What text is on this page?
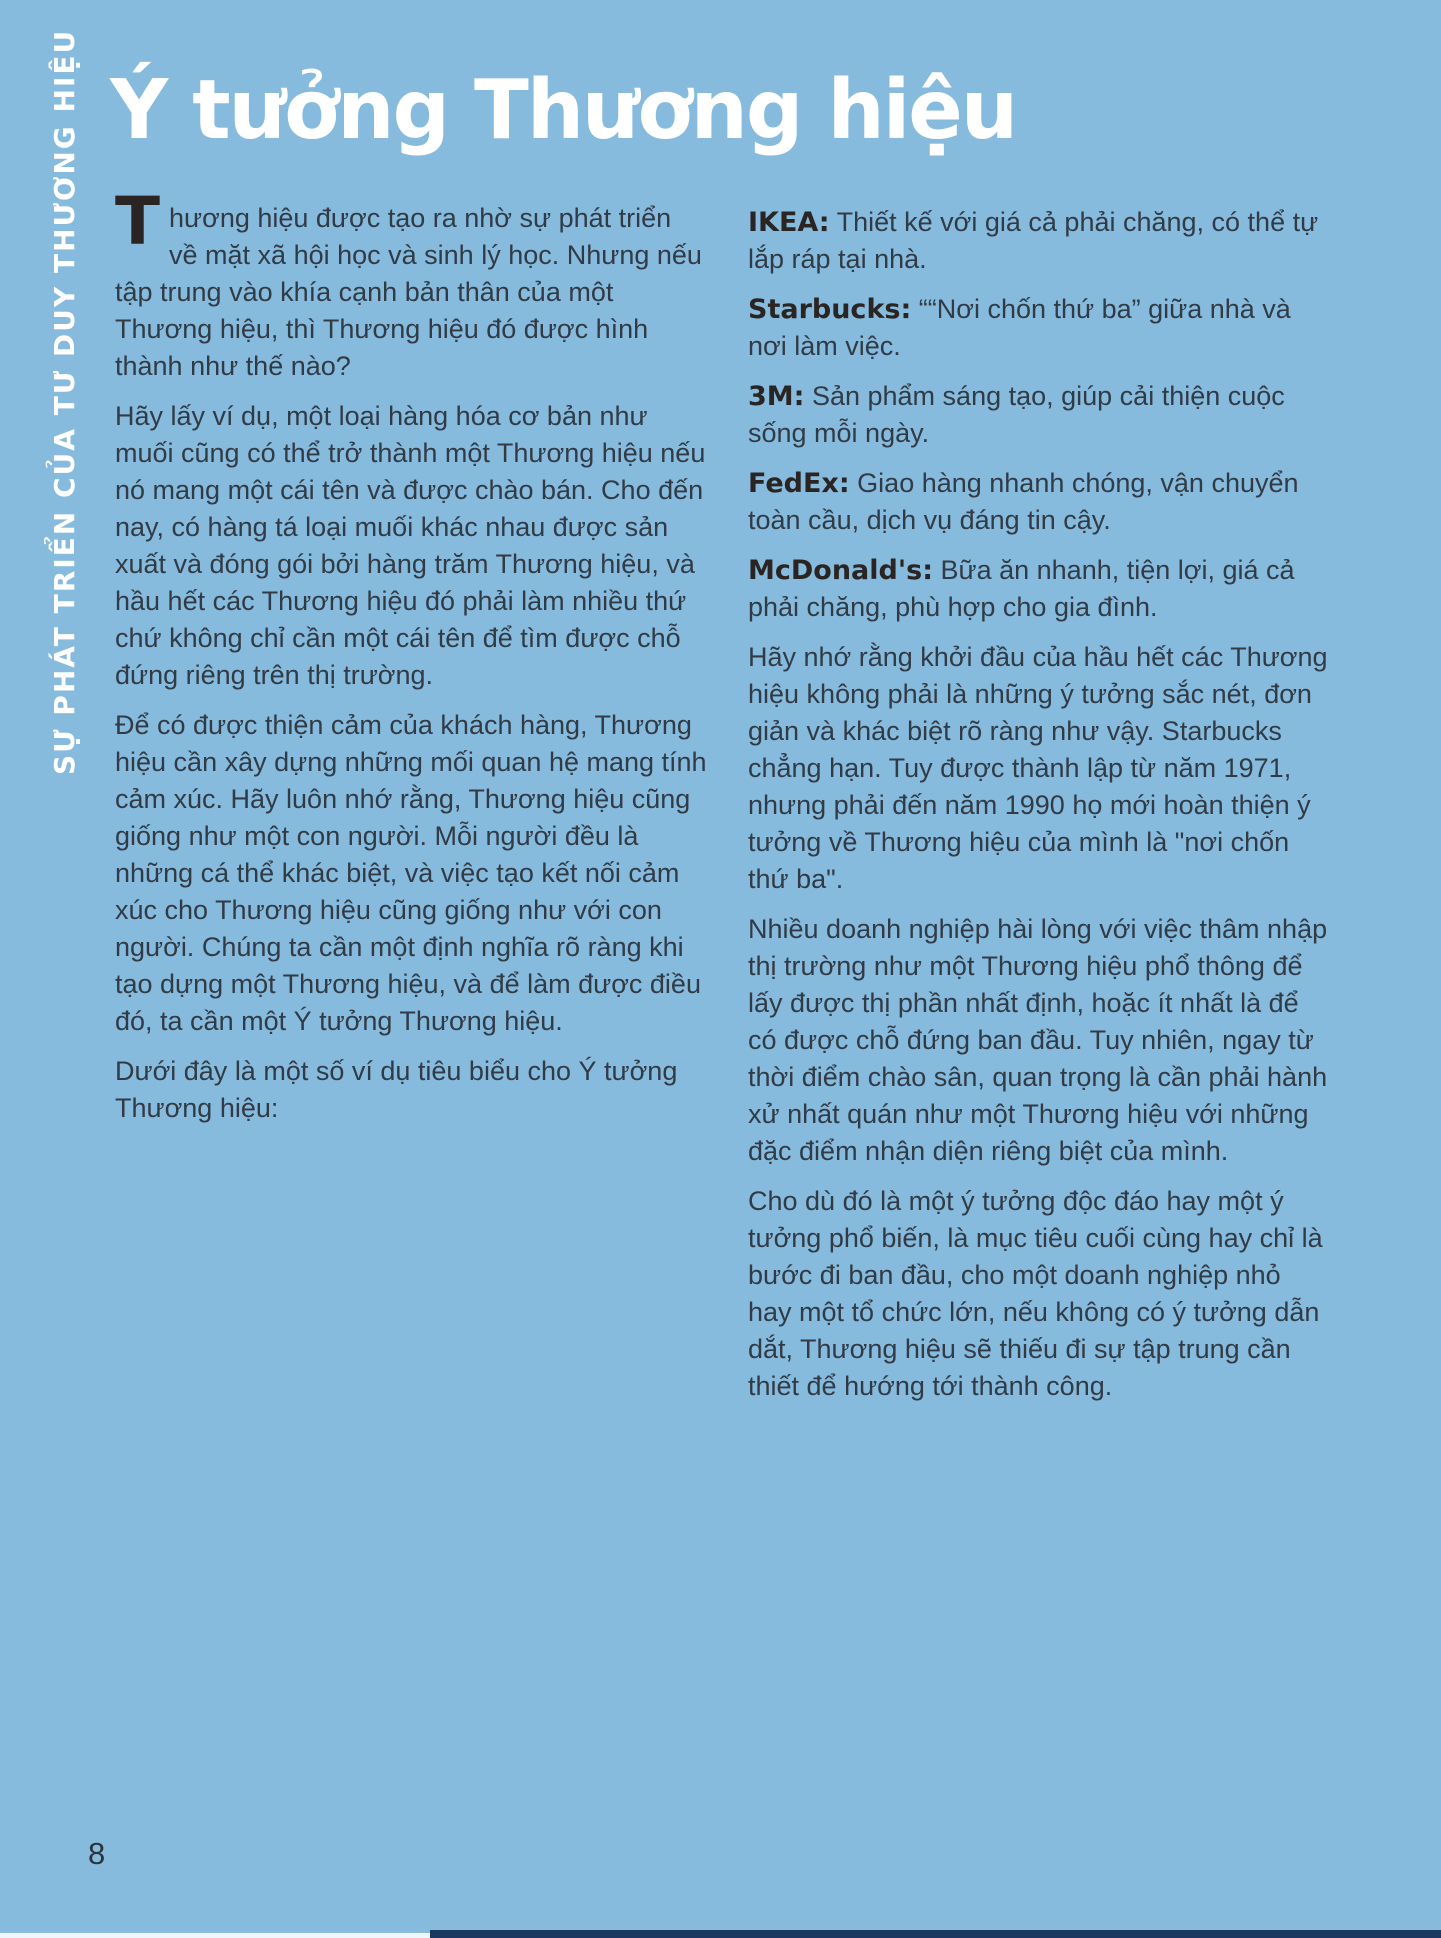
SỰ PHÁT TRIỂN CỦA TƯ DUY THƯƠNG HIỆU Ý tưởng Thương hiệu

Thương hiệu được tạo ra nhờ sự phát triển về mặt xã hội học và sinh lý học. Nhưng nếu tập trung vào khía cạnh bản thân của một Thương hiệu, thì Thương hiệu đó được hình thành như thế nào?

Hãy lấy ví dụ, một loại hàng hóa cơ bản như muối cũng có thể trở thành một Thương hiệu nếu nó mang một cái tên và được chào bán. Cho đến nay, có hàng tá loại muối khác nhau được sản xuất và đóng gói bởi hàng trăm Thương hiệu, và hầu hết các Thương hiệu đó phải làm nhiều thứ chứ không chỉ cần một cái tên để tìm được chỗ đứng riêng trên thị trường.

Để có được thiện cảm của khách hàng, Thương hiệu cần xây dựng những mối quan hệ mang tính cảm xúc. Hãy luôn nhớ rằng, Thương hiệu cũng giống như một con người. Mỗi người đều là những cá thể khác biệt, và việc tạo kết nối cảm xúc cho Thương hiệu cũng giống như với con người. Chúng ta cần một định nghĩa rõ ràng khi tạo dựng một Thương hiệu, và để làm được điều đó, ta cần một Ý tưởng Thương hiệu.

Dưới đây là một số ví dụ tiêu biểu cho Ý tưởng Thương hiệu:

IKEA: Thiết kế với giá cả phải chăng, có thể tự lắp ráp tại nhà.

Starbucks: ““Nơi chốn thứ ba” giữa nhà và nơi làm việc.

3M: Sản phẩm sáng tạo, giúp cải thiện cuộc sống mỗi ngày.

FedEx: Giao hàng nhanh chóng, vận chuyển toàn cầu, dịch vụ đáng tin cậy.

McDonald's: Bữa ăn nhanh, tiện lợi, giá cả phải chăng, phù hợp cho gia đình.

Hãy nhớ rằng khởi đầu của hầu hết các Thương hiệu không phải là những ý tưởng sắc nét, đơn giản và khác biệt rõ ràng như vậy. Starbucks chẳng hạn. Tuy được thành lập từ năm 1971, nhưng phải đến năm 1990 họ mới hoàn thiện ý tưởng về Thương hiệu của mình là "nơi chốn thứ ba".

Nhiều doanh nghiệp hài lòng với việc thâm nhập thị trường như một Thương hiệu phổ thông để lấy được thị phần nhất định, hoặc ít nhất là để có được chỗ đứng ban đầu. Tuy nhiên, ngay từ thời điểm chào sân, quan trọng là cần phải hành xử nhất quán như một Thương hiệu với những đặc điểm nhận diện riêng biệt của mình.

Cho dù đó là một ý tưởng độc đáo hay một ý tưởng phổ biến, là mục tiêu cuối cùng hay chỉ là bước đi ban đầu, cho một doanh nghiệp nhỏ hay một tổ chức lớn, nếu không có ý tưởng dẫn dắt, Thương hiệu sẽ thiếu đi sự tập trung cần thiết để hướng tới thành công.

8
